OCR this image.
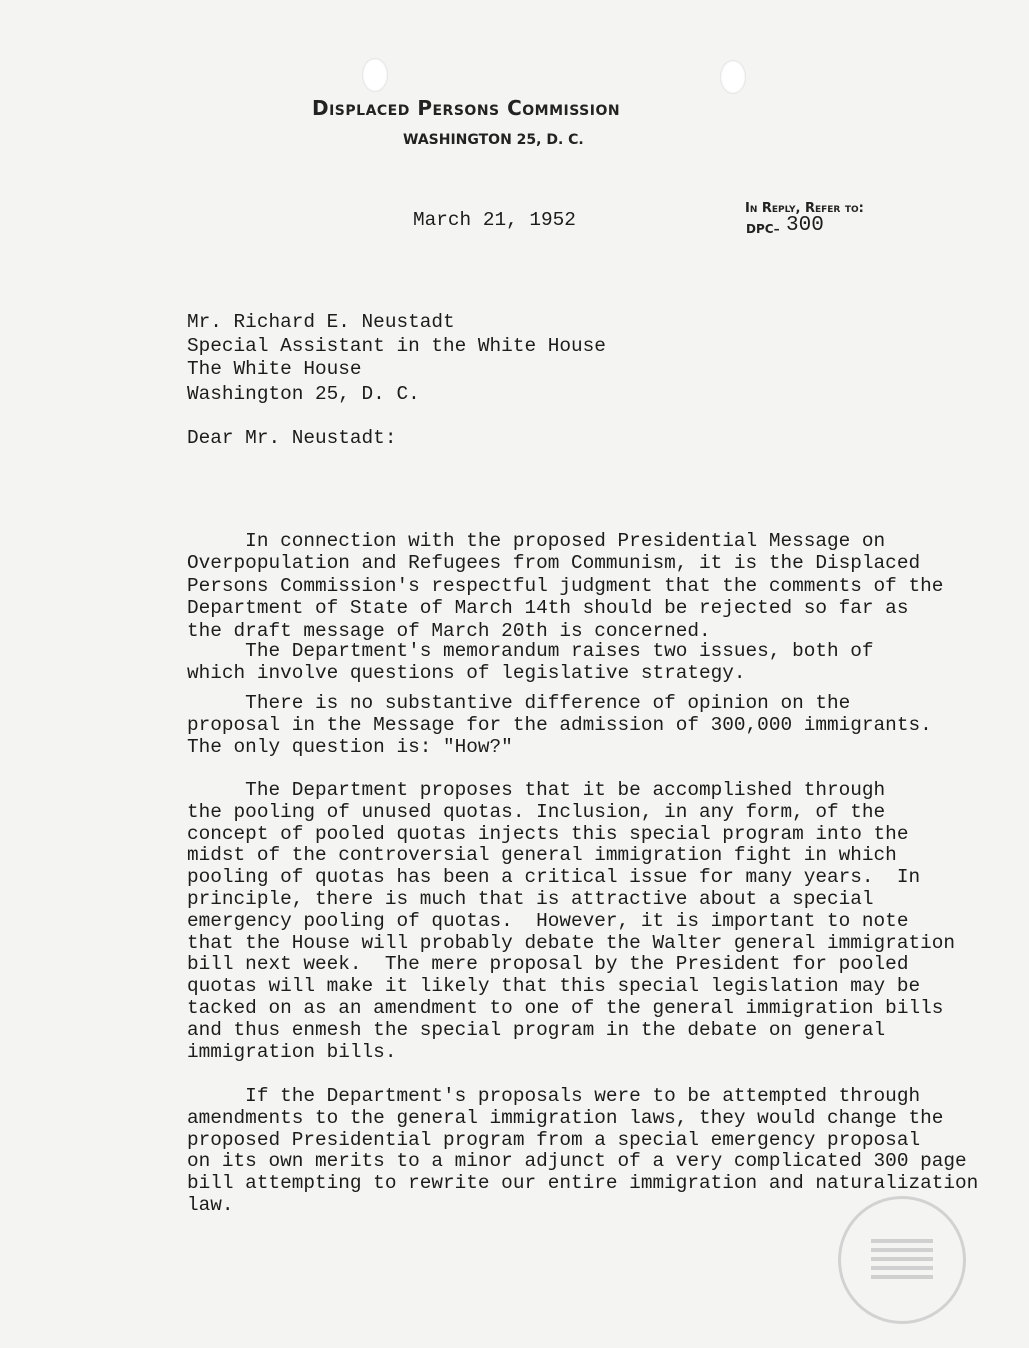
Displaced Persons Commission
WASHINGTON 25, D. C.
March 21, 1952
In Reply, Refer to:
DPC– 300
Mr. Richard E. Neustadt
Special Assistant in the White House
The White House
Washington 25, D. C.
Dear Mr. Neustadt:
In connection with the proposed Presidential Message on
Overpopulation and Refugees from Communism, it is the Displaced
Persons Commission's respectful judgment that the comments of the
Department of State of March 14th should be rejected so far as
the draft message of March 20th is concerned.
The Department's memorandum raises two issues, both of
which involve questions of legislative strategy.
There is no substantive difference of opinion on the
proposal in the Message for the admission of 300,000 immigrants.
The only question is: "How?"
The Department proposes that it be accomplished through
the pooling of unused quotas. Inclusion, in any form, of the
concept of pooled quotas injects this special program into the
midst of the controversial general immigration fight in which
pooling of quotas has been a critical issue for many years.  In
principle, there is much that is attractive about a special
emergency pooling of quotas.  However, it is important to note
that the House will probably debate the Walter general immigration
bill next week.  The mere proposal by the President for pooled
quotas will make it likely that this special legislation may be
tacked on as an amendment to one of the general immigration bills
and thus enmesh the special program in the debate on general
immigration bills.
If the Department's proposals were to be attempted through
amendments to the general immigration laws, they would change the
proposed Presidential program from a special emergency proposal
on its own merits to a minor adjunct of a very complicated 300 page
bill attempting to rewrite our entire immigration and naturalization
law.
